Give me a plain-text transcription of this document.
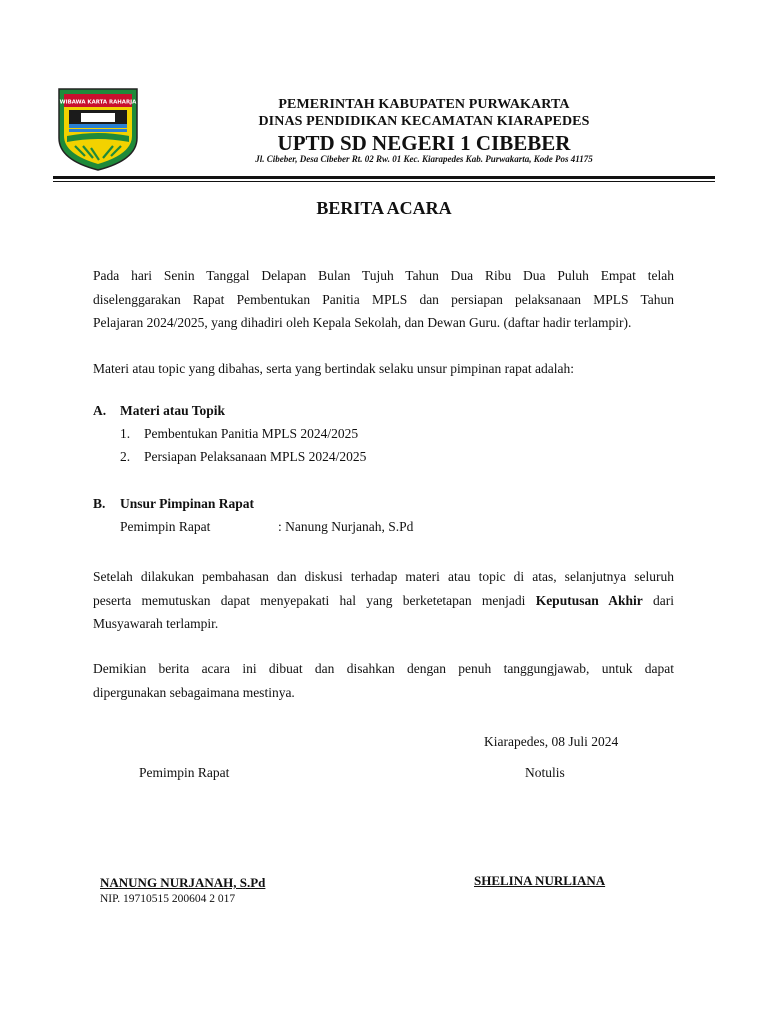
WIBAWA KARTA RAHARJA	PEMERINTAH KABUPATEN PURWAKARTA
DINAS PENDIDIKAN KECAMATAN KIARAPEDES
UPTD SD NEGERI 1 CIBEBER
Jl. Cibeber, Desa Cibeber Rt. 02 Rw. 01 Kec. Kiarapedes Kab. Purwakarta, Kode Pos 41175
BERITA ACARA
Pada hari Senin Tanggal Delapan Bulan Tujuh Tahun Dua Ribu Dua Puluh Empat telah
diselenggarakan Rapat Pembentukan Panitia MPLS dan persiapan pelaksanaan MPLS Tahun
Pelajaran 2024/2025, yang dihadiri oleh Kepala Sekolah, dan Dewan Guru. (daftar hadir terlampir).
Materi atau topic yang dibahas, serta yang bertindak selaku unsur pimpinan rapat adalah:
A. Materi atau Topik
1. Pembentukan Panitia MPLS 2024/2025
2. Persiapan Pelaksanaan MPLS 2024/2025
B. Unsur Pimpinan Rapat
Pemimpin Rapat	: Nanung Nurjanah, S.Pd
Setelah dilakukan pembahasan dan diskusi terhadap materi atau topic di atas, selanjutnya seluruh
peserta memutuskan dapat menyepakati hal yang berketetapan menjadi Keputusan Akhir dari
Musyawarah terlampir.
Demikian berita acara ini dibuat dan disahkan dengan penuh tanggungjawab, untuk dapat
dipergunakan sebagaimana mestinya.
Kiarapedes, 08 Juli 2024
Pemimpin Rapat	Notulis
NANUNG NURJANAH, S.Pd
NIP. 19710515 200604 2 017
SHELINA NURLIANA
